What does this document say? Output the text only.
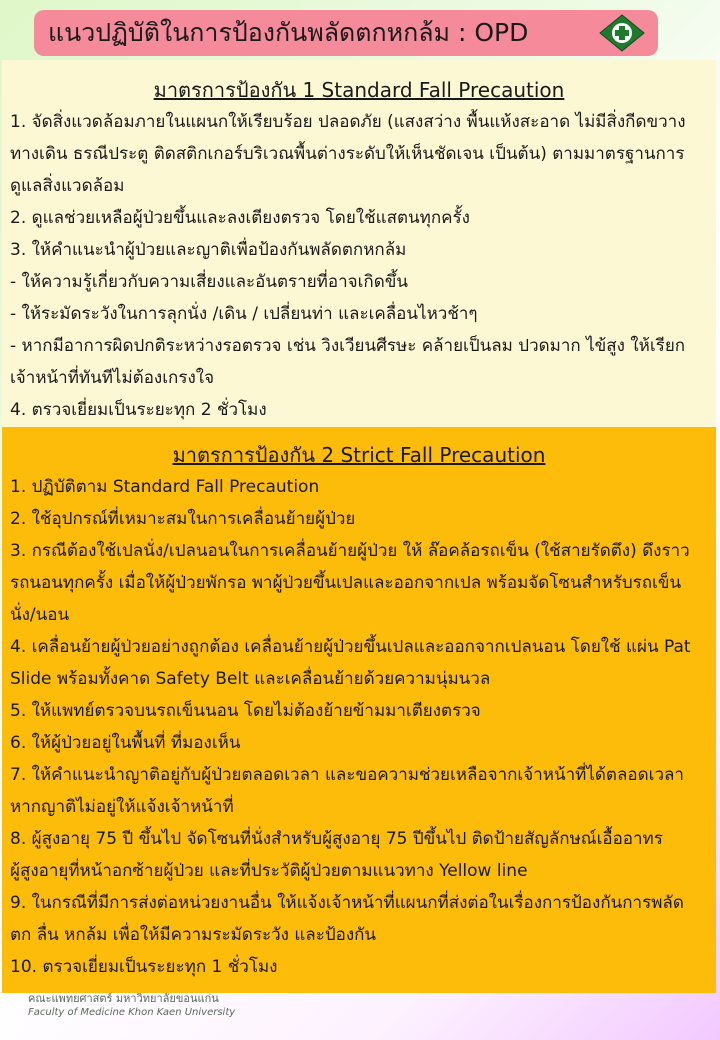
แนวปฏิบัติในการป้องกันพลัดตกหกล้ม : OPD
มาตรการป้องกัน 1 Standard Fall Precaution
1. จัดสิ่งแวดล้อมภายในแผนกให้เรียบร้อย ปลอดภัย (แสงสว่าง พื้นแห้งสะอาด ไม่มีสิ่งกีดขวาง
ทางเดิน ธรณีประตู ติดสติกเกอร์บริเวณพื้นต่างระดับให้เห็นชัดเจน เป็นต้น) ตามมาตรฐานการ
ดูแลสิ่งแวดล้อม
2. ดูแลช่วยเหลือผู้ป่วยขึ้นและลงเตียงตรวจ โดยใช้แสตนทุกครั้ง
3. ให้คำแนะนำผู้ป่วยและญาติเพื่อป้องกันพลัดตกหกล้ม
- ให้ความรู้เกี่ยวกับความเสี่ยงและอันตรายที่อาจเกิดขึ้น
- ให้ระมัดระวังในการลุกนั่ง /เดิน / เปลี่ยนท่า และเคลื่อนไหวช้าๆ
- หากมีอาการผิดปกติระหว่างรอตรวจ เช่น วิงเวียนศีรษะ คล้ายเป็นลม ปวดมาก ไข้สูง ให้เรียก
เจ้าหน้าที่ทันทีไม่ต้องเกรงใจ
4. ตรวจเยี่ยมเป็นระยะทุก 2 ชั่วโมง
มาตรการป้องกัน 2 Strict Fall Precaution
1. ปฏิบัติตาม Standard Fall Precaution
2. ใช้อุปกรณ์ที่เหมาะสมในการเคลื่อนย้ายผู้ป่วย
3. กรณีต้องใช้เปลนั่ง/เปลนอนในการเคลื่อนย้ายผู้ป่วย ให้ ล๊อคล้อรถเข็น (ใช้สายรัดตึง) ดึงราว
รถนอนทุกครั้ง เมื่อให้ผู้ป่วยพักรอ พาผู้ป่วยขึ้นเปลและออกจากเปล พร้อมจัดโซนสำหรับรถเข็น
นั่ง/นอน
4. เคลื่อนย้ายผู้ป่วยอย่างถูกต้อง เคลื่อนย้ายผู้ป่วยขึ้นเปลและออกจากเปลนอน โดยใช้ แผ่น Pat
Slide พร้อมทั้งคาด Safety Belt และเคลื่อนย้ายด้วยความนุ่มนวล
5. ให้แพทย์ตรวจบนรถเข็นนอน โดยไม่ต้องย้ายข้ามมาเตียงตรวจ
6. ให้ผู้ป่วยอยู่ในพื้นที่ ที่มองเห็น
7. ให้คำแนะนำญาติอยู่กับผู้ป่วยตลอดเวลา และขอความช่วยเหลือจากเจ้าหน้าที่ได้ตลอดเวลา
หากญาติไม่อยู่ให้แจ้งเจ้าหน้าที่
8. ผู้สูงอายุ 75 ปี ขึ้นไป จัดโซนที่นั่งสำหรับผู้สูงอายุ 75 ปีขึ้นไป ติดป้ายสัญลักษณ์เอื้ออาทร
ผู้สูงอายุที่หน้าอกซ้ายผู้ป่วย และที่ประวัติผู้ป่วยตามแนวทาง Yellow line
9. ในกรณีที่มีการส่งต่อหน่วยงานอื่น ให้แจ้งเจ้าหน้าที่แผนกที่ส่งต่อในเรื่องการป้องกันการพลัด
ตก ลื่น หกล้ม เพื่อให้มีความระมัดระวัง และป้องกัน
10. ตรวจเยี่ยมเป็นระยะทุก 1 ชั่วโมง
คณะแพทยศาสตร์ มหาวิทยาลัยขอนแก่น
Faculty of Medicine Khon Kaen University
